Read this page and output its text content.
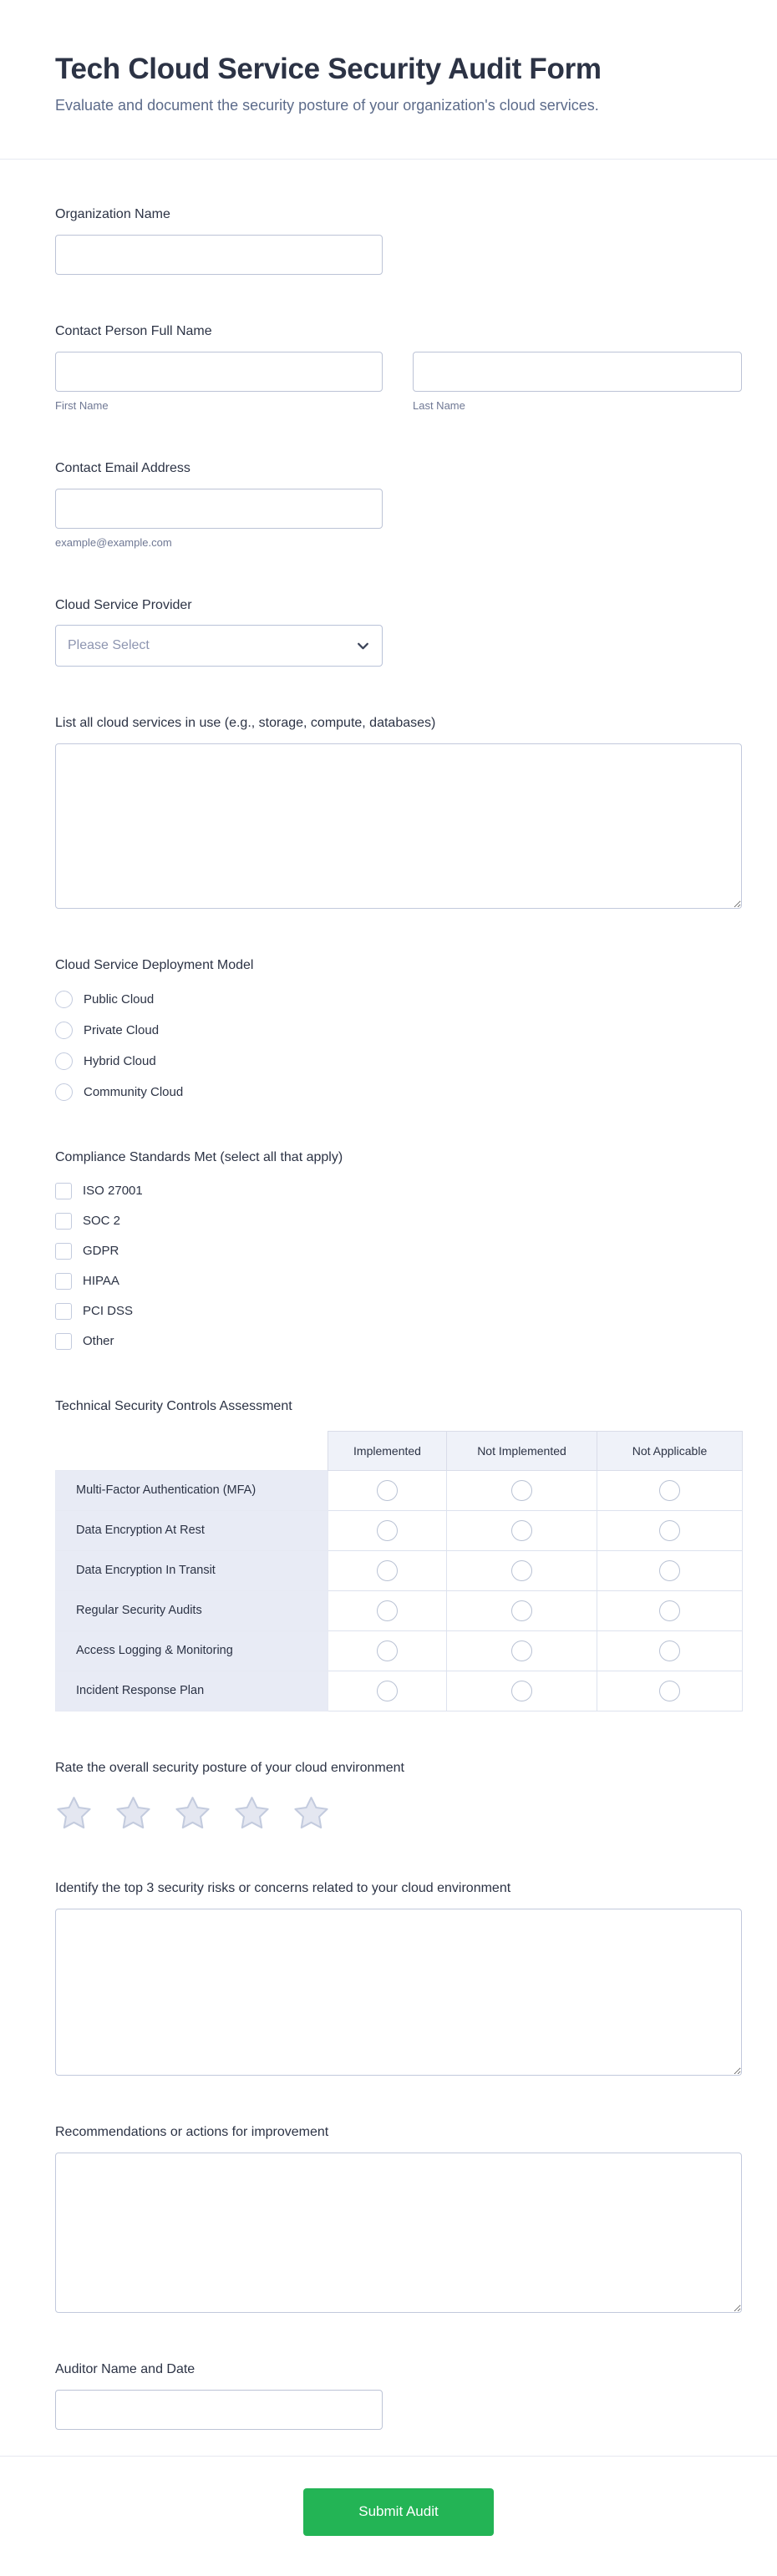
Tech Cloud Service Security Audit Form

Evaluate and document the security posture of your organization's cloud services.

Organization Name
Contact Person Full Name
First Name	Last Name
Contact Email Address
example@example.com
Cloud Service Provider
Please Select
List all cloud services in use (e.g., storage, compute, databases)
Cloud Service Deployment Model
Public Cloud
Private Cloud
Hybrid Cloud
Community Cloud
Compliance Standards Met (select all that apply)
ISO 27001
SOC 2
GDPR
HIPAA
PCI DSS
Other
Technical Security Controls Assessment
	Implemented	Not Implemented	Not Applicable
Multi-Factor Authentication (MFA)			
Data Encryption At Rest			
Data Encryption In Transit			
Regular Security Audits			
Access Logging & Monitoring			
Incident Response Plan			
Rate the overall security posture of your cloud environment
Identify the top 3 security risks or concerns related to your cloud environment
Recommendations or actions for improvement
Auditor Name and Date
Submit Audit
